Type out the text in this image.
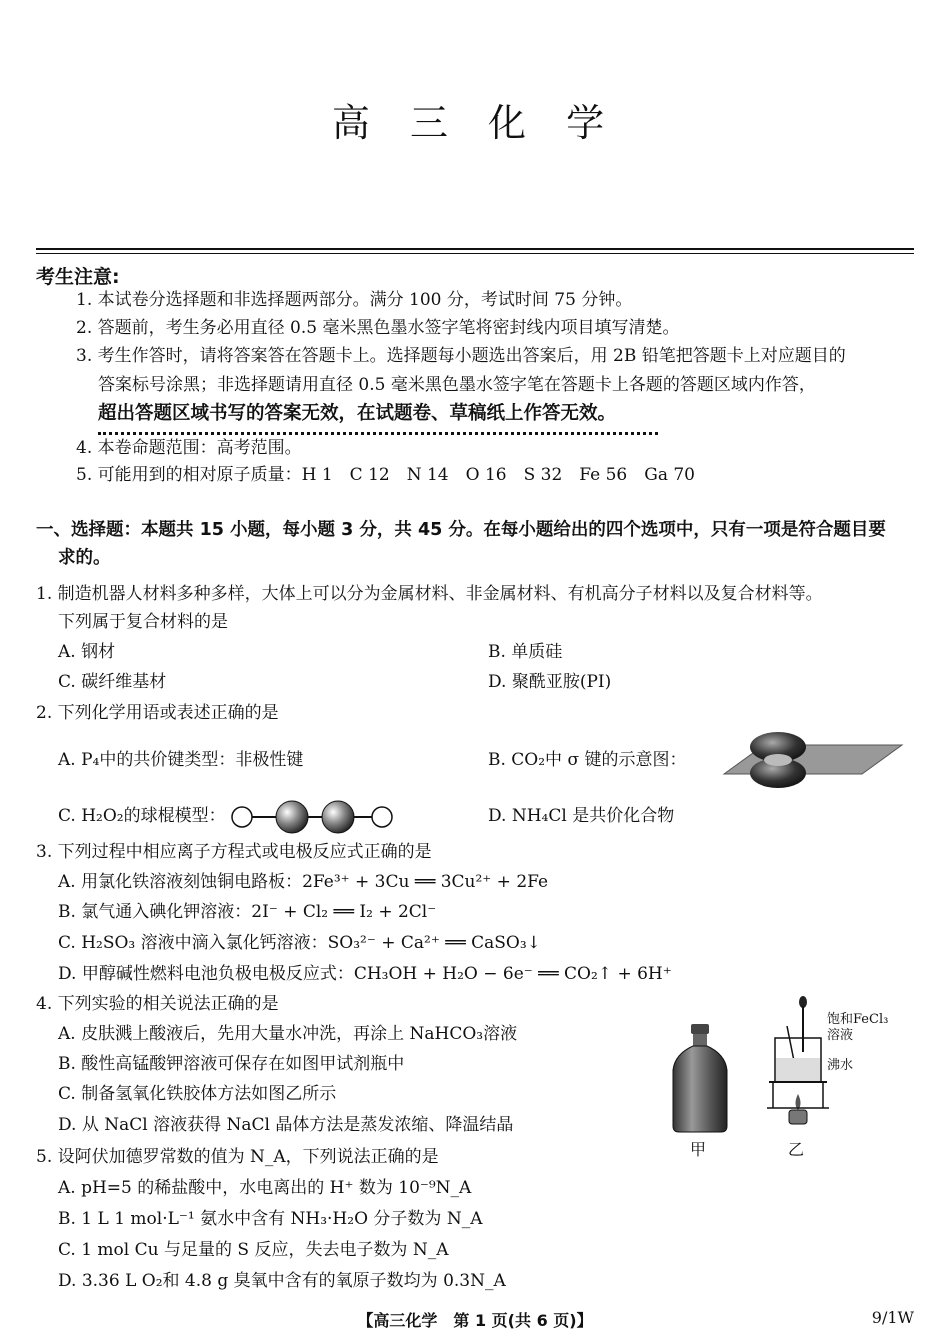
高 三 化 学
考生注意:
1. 本试卷分选择题和非选择题两部分。满分 100 分，考试时间 75 分钟。
2. 答题前，考生务必用直径 0.5 毫米黑色墨水签字笔将密封线内项目填写清楚。
3. 考生作答时，请将答案答在答题卡上。选择题每小题选出答案后，用 2B 铅笔把答题卡上对应题目的
答案标号涂黑；非选择题请用直径 0.5 毫米黑色墨水签字笔在答题卡上各题的答题区域内作答，
超出答题区域书写的答案无效，在试题卷、草稿纸上作答无效。
4. 本卷命题范围：高考范围。
5. 可能用到的相对原子质量：H 1　C 12　N 14　O 16　S 32　Fe 56　Ga 70
一、选择题：本题共 15 小题，每小题 3 分，共 45 分。在每小题给出的四个选项中，只有一项是符合题目要
求的。
1. 制造机器人材料多种多样，大体上可以分为金属材料、非金属材料、有机高分子材料以及复合材料等。
下列属于复合材料的是
A. 钢材	B. 单质硅
C. 碳纤维基材	D. 聚酰亚胺(PI)
2. 下列化学用语或表述正确的是
A. P₄中的共价键类型：非极性键	B. CO₂中 σ 键的示意图：
C. H₂O₂的球棍模型：	D. NH₄Cl 是共价化合物
3. 下列过程中相应离子方程式或电极反应式正确的是
A. 用氯化铁溶液刻蚀铜电路板：2Fe³⁺ + 3Cu ══ 3Cu²⁺ + 2Fe
B. 氯气通入碘化钾溶液：2I⁻ + Cl₂ ══ I₂ + 2Cl⁻
C. H₂SO₃ 溶液中滴入氯化钙溶液：SO₃²⁻ + Ca²⁺ ══ CaSO₃↓
D. 甲醇碱性燃料电池负极电极反应式：CH₃OH + H₂O − 6e⁻ ══ CO₂↑ + 6H⁺
4. 下列实验的相关说法正确的是
A. 皮肤溅上酸液后，先用大量水冲洗，再涂上 NaHCO₃溶液
B. 酸性高锰酸钾溶液可保存在如图甲试剂瓶中
C. 制备氢氧化铁胶体方法如图乙所示
D. 从 NaCl 溶液获得 NaCl 晶体方法是蒸发浓缩、降温结晶
甲
饱和FeCl₃
溶液
沸水
乙
5. 设阿伏加德罗常数的值为 N_A，下列说法正确的是
A. pH=5 的稀盐酸中，水电离出的 H⁺ 数为 10⁻⁹N_A
B. 1 L 1 mol·L⁻¹ 氨水中含有 NH₃·H₂O 分子数为 N_A
C. 1 mol Cu 与足量的 S 反应，失去电子数为 N_A
D. 3.36 L O₂和 4.8 g 臭氧中含有的氧原子数均为 0.3N_A
【高三化学　第 1 页(共 6 页)】	9/1W
